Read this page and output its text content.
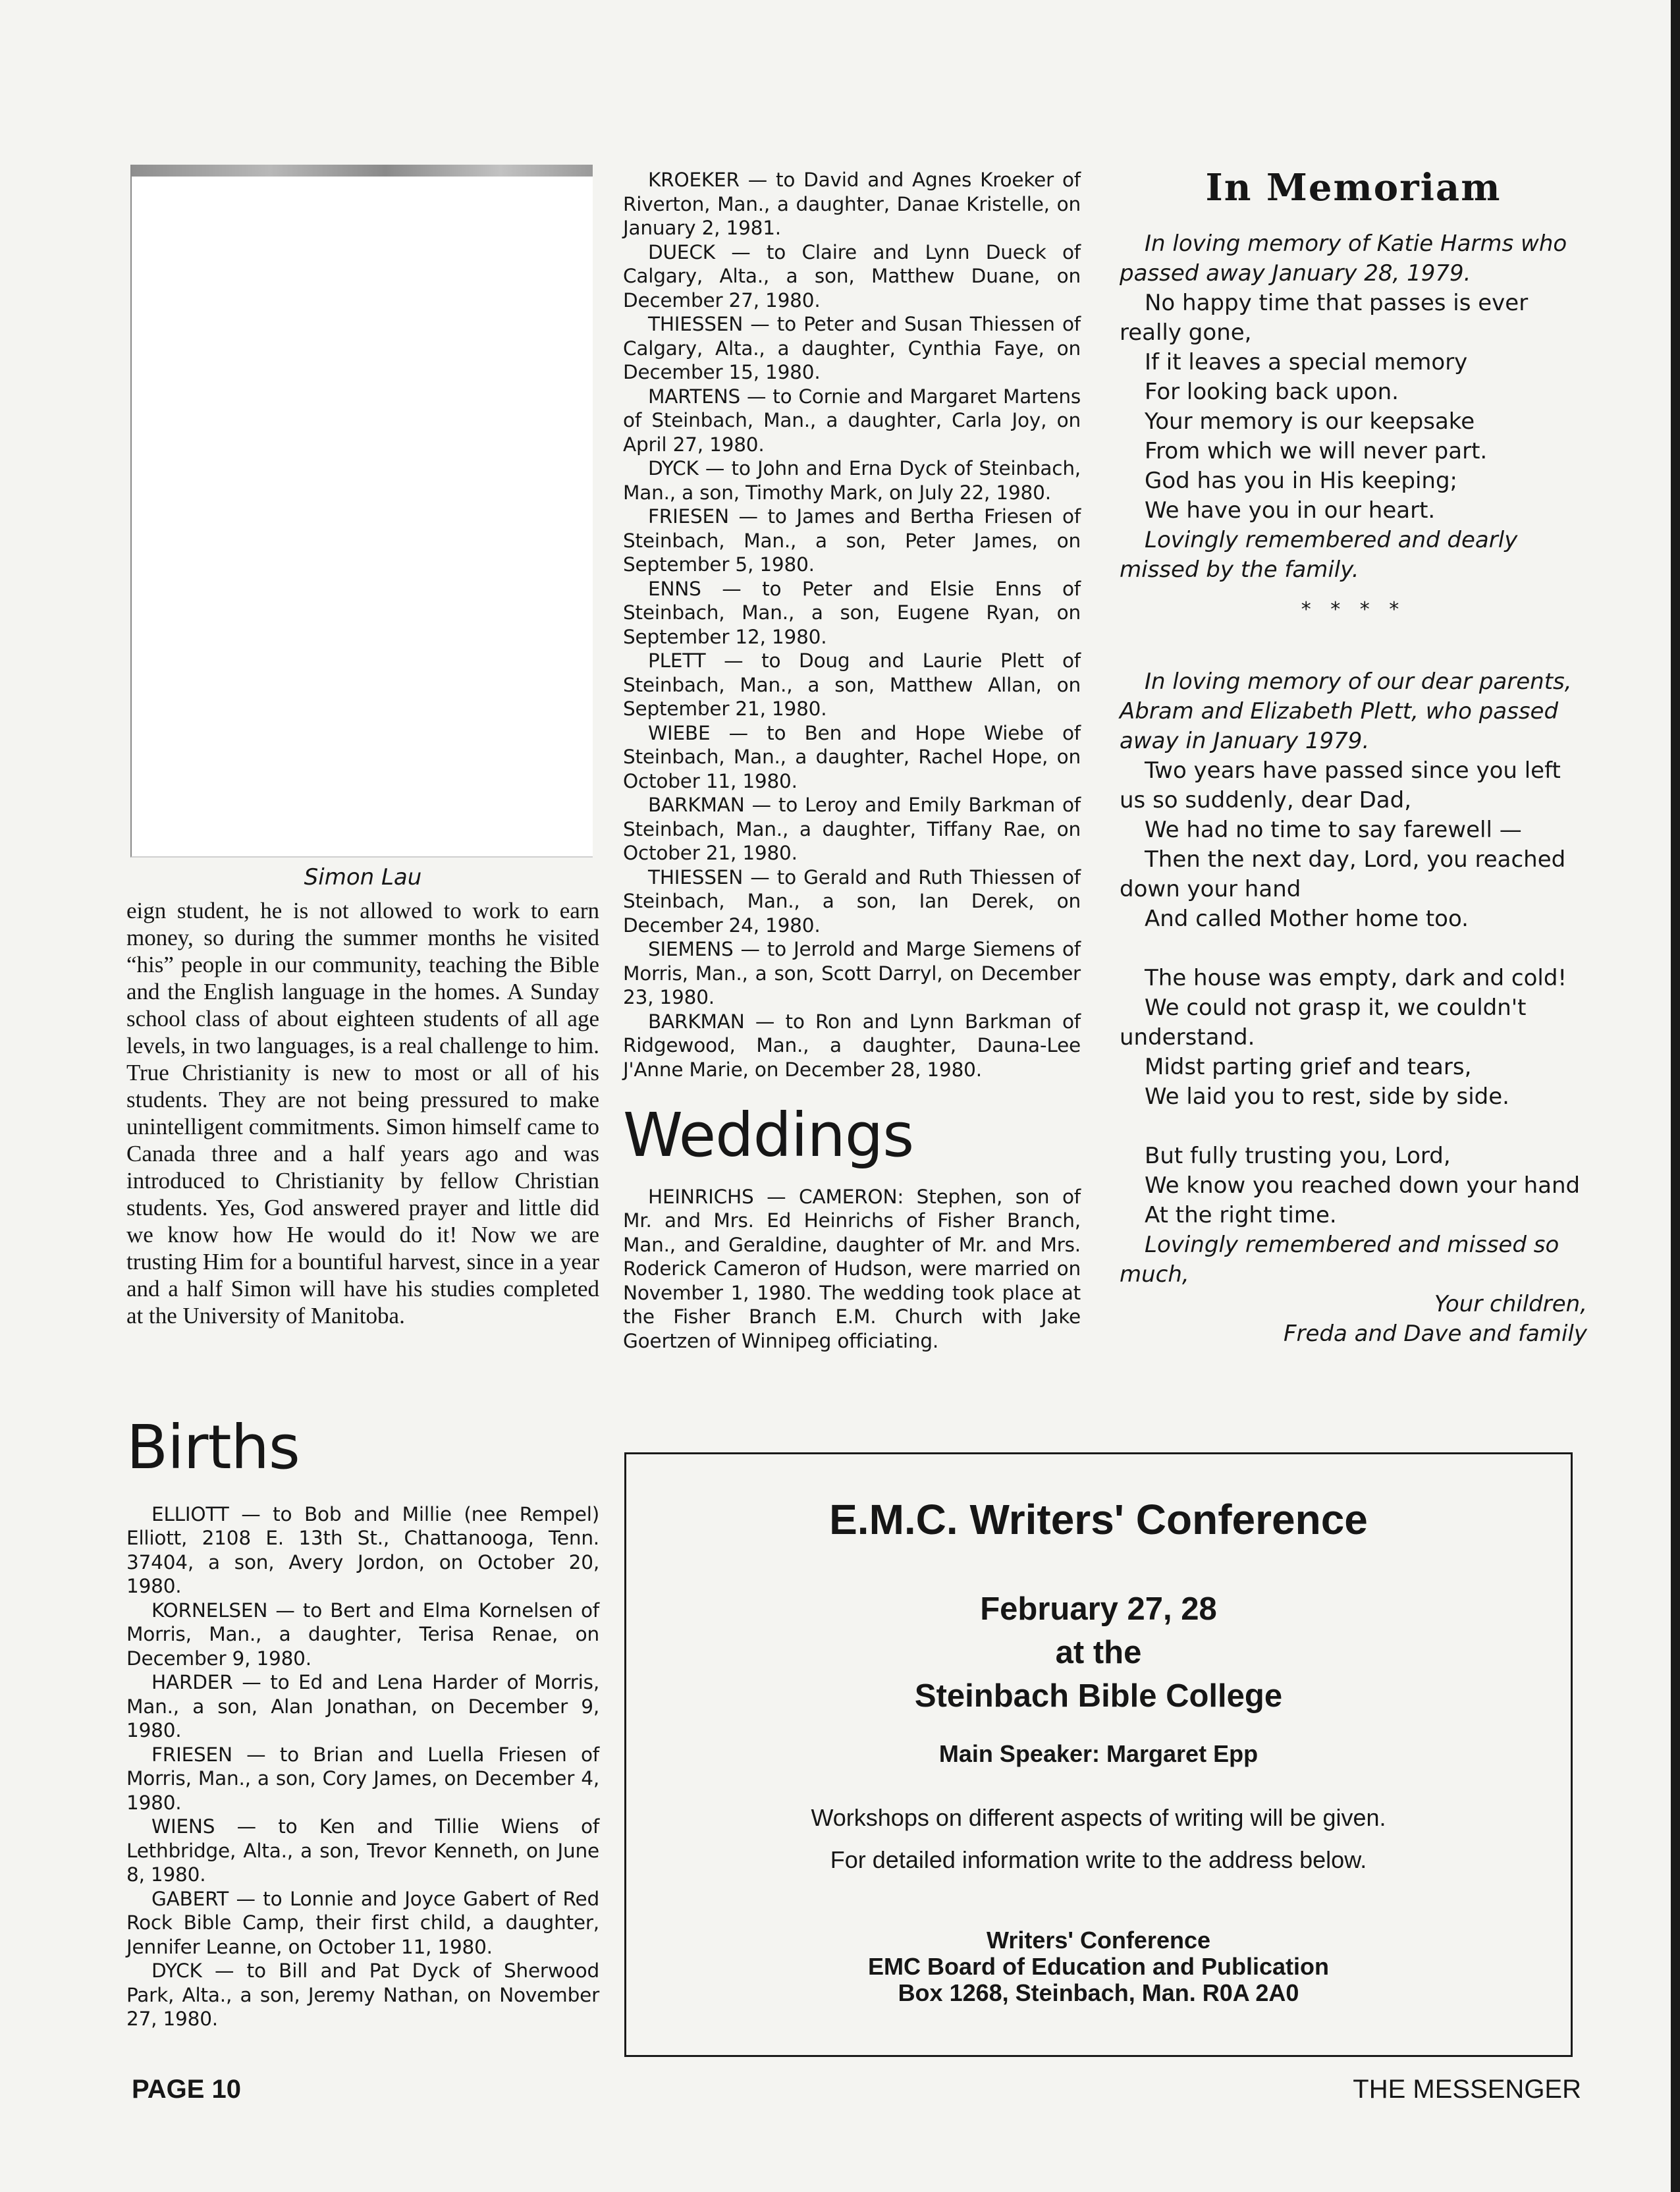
Simon Lau

eign student, he is not allowed to work to earn money, so during the summer months he visited “his” people in our community, teaching the Bible and the English language in the homes. A Sunday school class of about eighteen students of all age levels, in two languages, is a real challenge to him. True Christianity is new to most or all of his students. They are not being pressured to make unintelligent commitments. Simon himself came to Canada three and a half years ago and was introduced to Christianity by fellow Christian students. Yes, God answered prayer and little did we know how He would do it! Now we are trusting Him for a bountiful harvest, since in a year and a half Simon will have his studies completed at the University of Manitoba.

Births

ELLIOTT — to Bob and Millie (nee Rempel) Elliott, 2108 E. 13th St., Chattanooga, Tenn. 37404, a son, Avery Jordon, on October 20, 1980.

KORNELSEN — to Bert and Elma Kornelsen of Morris, Man., a daughter, Terisa Renae, on December 9, 1980.

HARDER — to Ed and Lena Harder of Morris, Man., a son, Alan Jonathan, on December 9, 1980.

FRIESEN — to Brian and Luella Friesen of Morris, Man., a son, Cory James, on December 4, 1980.

WIENS — to Ken and Tillie Wiens of Lethbridge, Alta., a son, Trevor Kenneth, on June 8, 1980.

GABERT — to Lonnie and Joyce Gabert of Red Rock Bible Camp, their first child, a daughter, Jennifer Leanne, on October 11, 1980.

DYCK — to Bill and Pat Dyck of Sherwood Park, Alta., a son, Jeremy Nathan, on November 27, 1980.

KROEKER — to David and Agnes Kroeker of Riverton, Man., a daughter, Danae Kristelle, on January 2, 1981.

DUECK — to Claire and Lynn Dueck of Calgary, Alta., a son, Matthew Duane, on December 27, 1980.

THIESSEN — to Peter and Susan Thiessen of Calgary, Alta., a daughter, Cynthia Faye, on December 15, 1980.

MARTENS — to Cornie and Margaret Martens of Steinbach, Man., a daughter, Carla Joy, on April 27, 1980.

DYCK — to John and Erna Dyck of Steinbach, Man., a son, Timothy Mark, on July 22, 1980.

FRIESEN — to James and Bertha Friesen of Steinbach, Man., a son, Peter James, on September 5, 1980.

ENNS — to Peter and Elsie Enns of Steinbach, Man., a son, Eugene Ryan, on September 12, 1980.

PLETT — to Doug and Laurie Plett of Steinbach, Man., a son, Matthew Allan, on September 21, 1980.

WIEBE — to Ben and Hope Wiebe of Steinbach, Man., a daughter, Rachel Hope, on October 11, 1980.

BARKMAN — to Leroy and Emily Barkman of Steinbach, Man., a daughter, Tiffany Rae, on October 21, 1980.

THIESSEN — to Gerald and Ruth Thiessen of Steinbach, Man., a son, Ian Derek, on December 24, 1980.

SIEMENS — to Jerrold and Marge Siemens of Morris, Man., a son, Scott Darryl, on December 23, 1980.

BARKMAN — to Ron and Lynn Barkman of Ridgewood, Man., a daughter, Dauna-Lee J'Anne Marie, on December 28, 1980.

Weddings

HEINRICHS — CAMERON: Stephen, son of Mr. and Mrs. Ed Heinrichs of Fisher Branch, Man., and Geraldine, daughter of Mr. and Mrs. Roderick Cameron of Hudson, were married on November 1, 1980. The wedding took place at the Fisher Branch E.M. Church with Jake Goertzen of Winnipeg officiating.

In Memoriam
In loving memory of Katie Harms who passed away January 28, 1979.
No happy time that passes is ever really gone,
If it leaves a special memory
For looking back upon.
Your memory is our keepsake
From which we will never part.
God has you in His keeping;
We have you in our heart.
Lovingly remembered and dearly missed by the family.
* * * *
In loving memory of our dear parents, Abram and Elizabeth Plett, who passed away in January 1979.
Two years have passed since you left us so suddenly, dear Dad,
We had no time to say farewell —
Then the next day, Lord, you reached down your hand
And called Mother home too.
The house was empty, dark and cold!
We could not grasp it, we couldn't understand.
Midst parting grief and tears,
We laid you to rest, side by side.
But fully trusting you, Lord,
We know you reached down your hand
At the right time.
Lovingly remembered and missed so much,
Your children,
Freda and Dave and family
E.M.C. Writers' Conference
February 27, 28
at the
Steinbach Bible College
Main Speaker: Margaret Epp
Workshops on different aspects of writing will be given.
For detailed information write to the address below.
Writers' Conference
EMC Board of Education and Publication
Box 1268, Steinbach, Man. R0A 2A0
PAGE 10	THE MESSENGER
